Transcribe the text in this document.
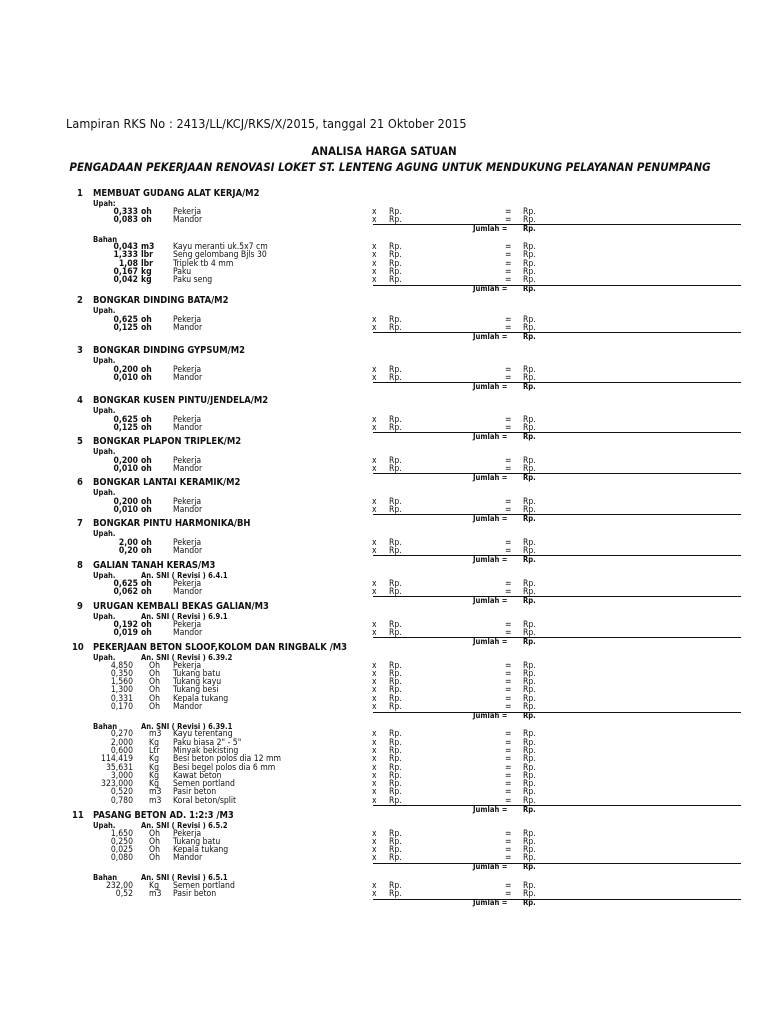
Lampiran RKS No : 2413/LL/KCJ/RKS/X/2015, tanggal 21 Oktober 2015
ANALISA HARGA SATUAN
PENGADAAN PEKERJAAN RENOVASI LOKET ST. LENTENG AGUNG UNTUK MENDUKUNG PELAYANAN PENUMPANG
1 MEMBUAT GUDANG ALAT KERJA/M2
Upah:
0,333 oh Pekerja	x Rp.	= Rp.
0,083 oh Mandor	x Rp.	= Rp.
Jumlah = Rp.
Bahan
0,043 m3 Kayu meranti uk.5x7 cm	x Rp.	= Rp.
1,333 lbr Seng gelombang Bjls 30	x Rp.	= Rp.
1,08 lbr Triplek tb 4 mm	x Rp.	= Rp.
0,167 kg Paku	x Rp.	= Rp.
0,042 kg Paku seng	x Rp.	= Rp.
Jumlah = Rp.
2 BONGKAR DINDING BATA/M2
Upah.
0,625 oh Pekerja	x Rp.	= Rp.
0,125 oh Mandor	x Rp.	= Rp.
Jumlah = Rp.
3 BONGKAR DINDING GYPSUM/M2
Upah.
0,200 oh Pekerja	x Rp.	= Rp.
0,010 oh Mandor	x Rp.	= Rp.
Jumlah = Rp.
4 BONGKAR KUSEN PINTU/JENDELA/M2
Upah.
0,625 oh Pekerja	x Rp.	= Rp.
0,125 oh Mandor	x Rp.	= Rp.
Jumlah = Rp.
5 BONGKAR PLAPON TRIPLEK/M2
Upah.
0,200 oh Pekerja	x Rp.	= Rp.
0,010 oh Mandor	x Rp.	= Rp.
Jumlah = Rp.
6 BONGKAR LANTAI KERAMIK/M2
Upah.
0,200 oh Pekerja	x Rp.	= Rp.
0,010 oh Mandor	x Rp.	= Rp.
Jumlah = Rp.
7 BONGKAR PINTU HARMONIKA/BH
Upah.
2,00 oh Pekerja	x Rp.	= Rp.
0,20 oh Mandor	x Rp.	= Rp.
Jumlah = Rp.
8 GALIAN TANAH KERAS/M3
Upah.	An. SNI ( Revisi ) 6.4.1
0,625 oh Pekerja	x Rp.	= Rp.
0,062 oh Mandor	x Rp.	= Rp.
Jumlah = Rp.
9 URUGAN KEMBALI BEKAS GALIAN/M3
Upah.	An. SNI ( Revisi ) 6.9.1
0,192 oh Pekerja	x Rp.	= Rp.
0,019 oh Mandor	x Rp.	= Rp.
Jumlah = Rp.
10 PEKERJAAN BETON SLOOF,KOLOM DAN RINGBALK /M3
Upah.	An. SNI ( Revisi ) 6.39.2
4,850 Oh Pekerja	x Rp.	= Rp.
0,350 Oh Tukang batu	x Rp.	= Rp.
1,560 Oh Tukang kayu	x Rp.	= Rp.
1,300 Oh Tukang besi	x Rp.	= Rp.
0,331 Oh Kepala tukang	x Rp.	= Rp.
0,170 Oh Mandor	x Rp.	= Rp.
Jumlah = Rp.
Bahan	An. SNI ( Revisi ) 6.39.1
0,270 m3 Kayu terentang	x Rp.	= Rp.
2,000 Kg Paku biasa 2" - 5"	x Rp.	= Rp.
0,600 Ltr Minyak bekisting	x Rp.	= Rp.
114,419 Kg Besi beton polos dia 12 mm	x Rp.	= Rp.
35,631 Kg Besi begel polos dia 6 mm	x Rp.	= Rp.
3,000 Kg Kawat beton	x Rp.	= Rp.
323,000 Kg Semen portland	x Rp.	= Rp.
0,520 m3 Pasir beton	x Rp.	= Rp.
0,780 m3 Koral beton/split	x Rp.	= Rp.
Jumlah = Rp.
11 PASANG BETON AD. 1:2:3 /M3
Upah.	An. SNI ( Revisi ) 6.5.2
1,650 Oh Pekerja	x Rp.	= Rp.
0,250 Oh Tukang batu	x Rp.	= Rp.
0,025 Oh Kepala tukang	x Rp.	= Rp.
0,080 Oh Mandor	x Rp.	= Rp.
Jumlah = Rp.
Bahan	An. SNI ( Revisi ) 6.5.1
232,00 Kg Semen portland	x Rp.	= Rp.
0,52 m3 Pasir beton	x Rp.	= Rp.
Jumlah = Rp.
